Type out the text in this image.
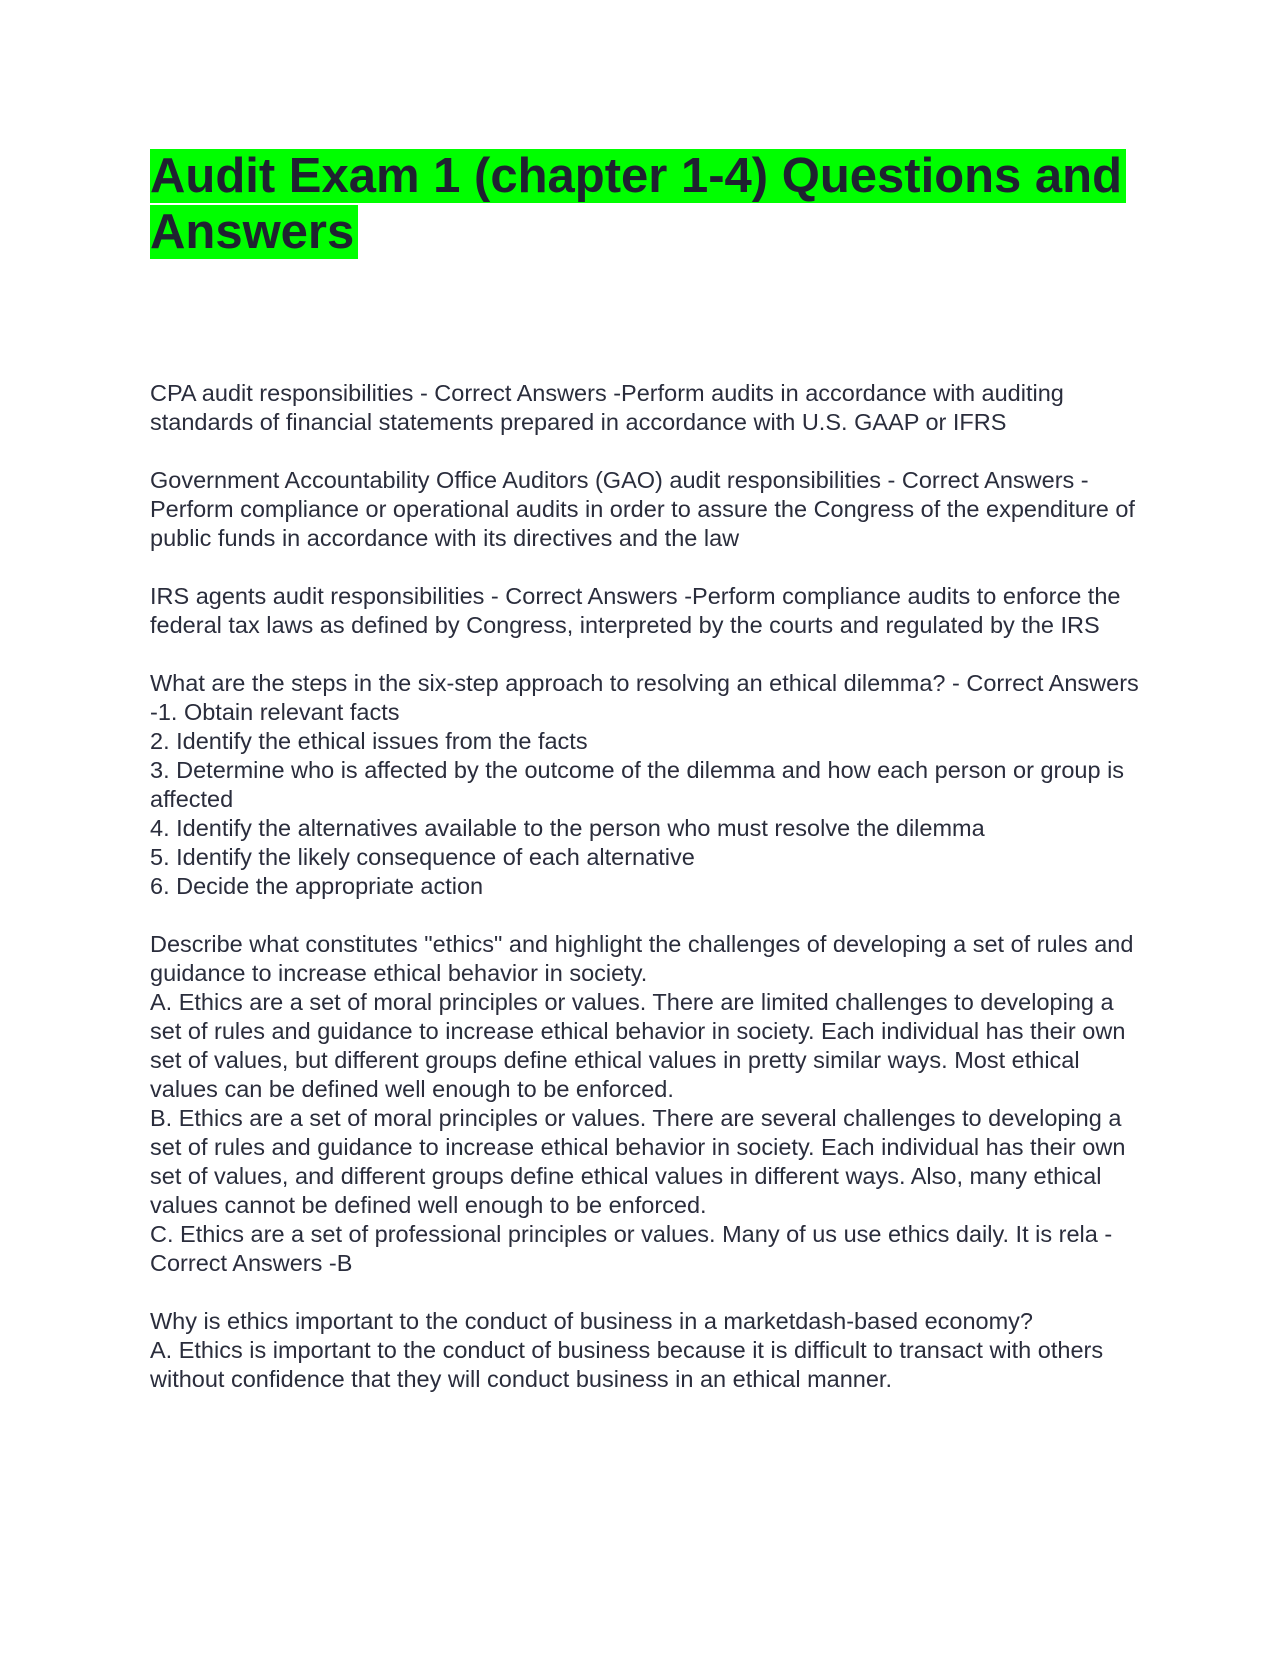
Audit Exam 1 (chapter 1-4) Questions and Answers
CPA audit responsibilities - Correct Answers -Perform audits in accordance with auditing standards of financial statements prepared in accordance with U.S. GAAP or IFRS
Government Accountability Office Auditors (GAO) audit responsibilities - Correct Answers -Perform compliance or operational audits in order to assure the Congress of the expenditure of public funds in accordance with its directives and the law
IRS agents audit responsibilities - Correct Answers -Perform compliance audits to enforce the federal tax laws as defined by Congress, interpreted by the courts and regulated by the IRS
What are the steps in the six-step approach to resolving an ethical dilemma? - Correct Answers -1. Obtain relevant facts
2. Identify the ethical issues from the facts
3. Determine who is affected by the outcome of the dilemma and how each person or group is affected
4. Identify the alternatives available to the person who must resolve the dilemma
5. Identify the likely consequence of each alternative
6. Decide the appropriate action
Describe what constitutes "ethics" and highlight the challenges of developing a set of rules and guidance to increase ethical behavior in society.
A. Ethics are a set of moral principles or values. There are limited challenges to developing a set of rules and guidance to increase ethical behavior in society. Each individual has their own set of values, but different groups define ethical values in pretty similar ways. Most ethical values can be defined well enough to be enforced.
B. Ethics are a set of moral principles or values. There are several challenges to developing a set of rules and guidance to increase ethical behavior in society. Each individual has their own set of values, and different groups define ethical values in different ways. Also, many ethical values cannot be defined well enough to be enforced.
C. Ethics are a set of professional principles or values. Many of us use ethics daily. It is rela - Correct Answers -B
Why is ethics important to the conduct of business in a marketdash-based economy?
A. Ethics is important to the conduct of business because it is difficult to transact with others without confidence that they will conduct business in an ethical manner.
